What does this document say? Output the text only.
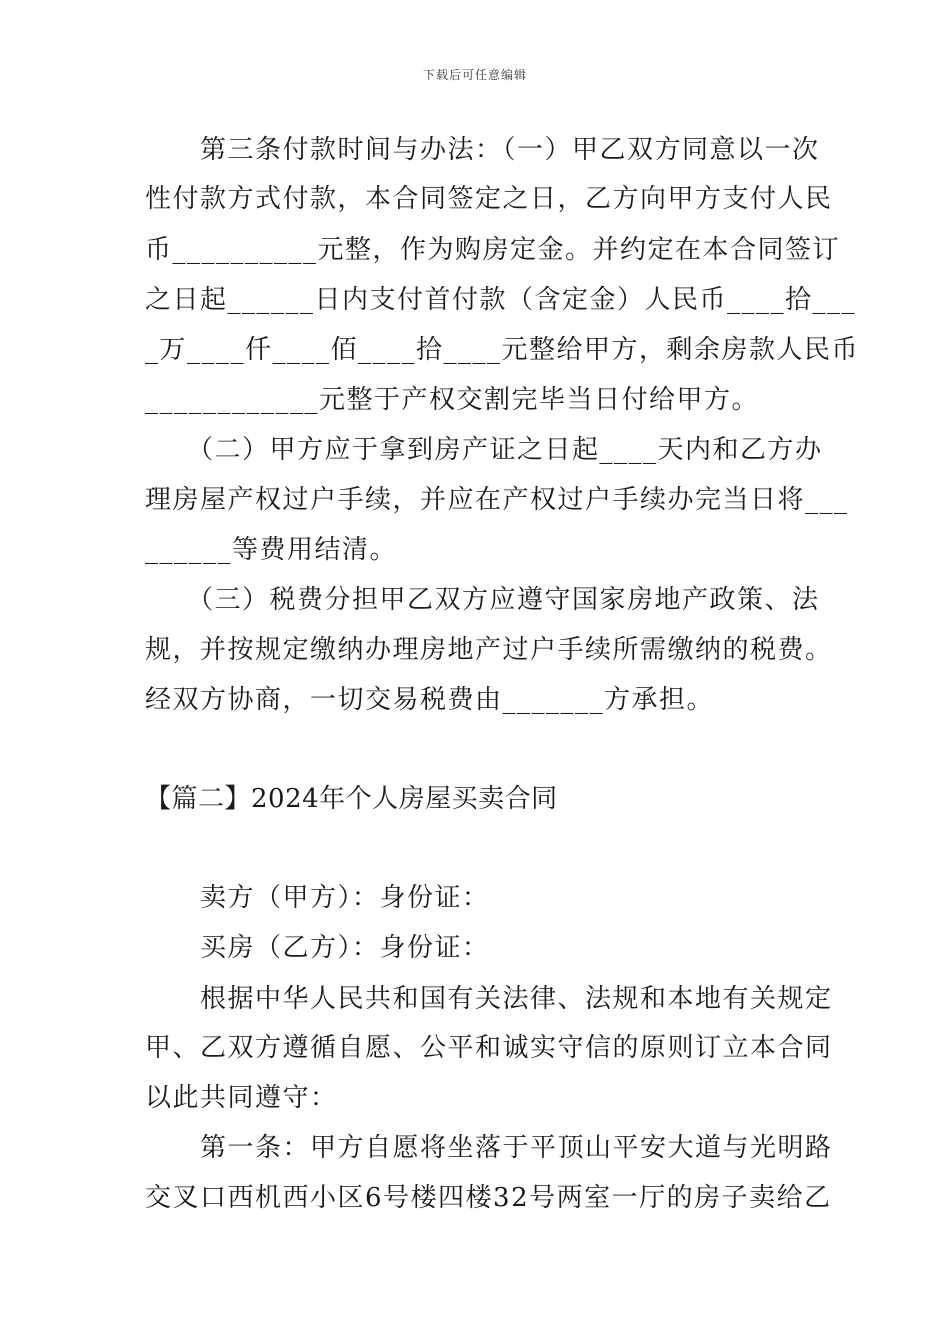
下载后可任意编辑
　　第三条付款时间与办法：（一）甲乙双方同意以一次
性付款方式付款，本合同签定之日，乙方向甲方支付人民
币__________元整，作为购房定金。并约定在本合同签订
之日起______日内支付首付款（含定金）人民币____拾___
_万____仟____佰____拾____元整给甲方，剩余房款人民币
____________元整于产权交割完毕当日付给甲方。
　　（二）甲方应于拿到房产证之日起____天内和乙方办
理房屋产权过户手续，并应在产权过户手续办完当日将___
______等费用结清。
　　（三）税费分担甲乙双方应遵守国家房地产政策、法
规，并按规定缴纳办理房地产过户手续所需缴纳的税费。
经双方协商，一切交易税费由_______方承担。
【篇二】2024年个人房屋买卖合同
　　卖方（甲方）：身份证：
　　买房（乙方）：身份证：
　　根据中华人民共和国有关法律、法规和本地有关规定
甲、乙双方遵循自愿、公平和诚实守信的原则订立本合同
以此共同遵守：
　　第一条：甲方自愿将坐落于平顶山平安大道与光明路
交叉口西机西小区6号楼四楼32号两室一厅的房子卖给乙
